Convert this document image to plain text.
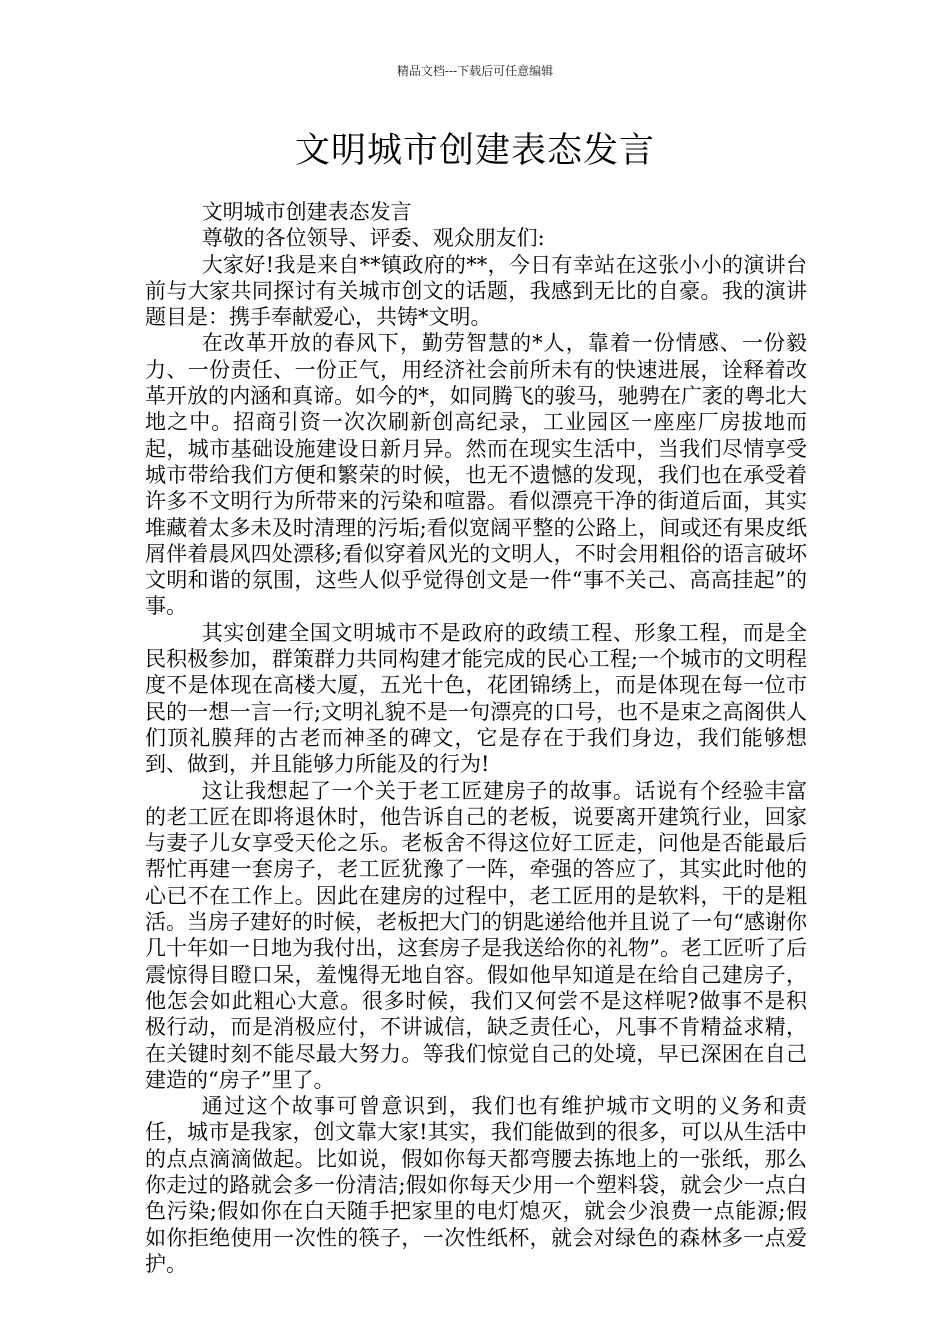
精品文档---下载后可任意编辑
文明城市创建表态发言

文明城市创建表态发言

尊敬的各位领导、评委、观众朋友们:

大家好!我是来自**镇政府的**，今日有幸站在这张小小的演讲台前与大家共同探讨有关城市创文的话题，我感到无比的自豪。我的演讲题目是：携手奉献爱心，共铸*文明。

在改革开放的春风下，勤劳智慧的*人，靠着一份情感、一份毅力、一份责任、一份正气，用经济社会前所未有的快速进展，诠释着改革开放的内涵和真谛。如今的*，如同腾飞的骏马，驰骋在广袤的粤北大地之中。招商引资一次次刷新创高纪录，工业园区一座座厂房拔地而起，城市基础设施建设日新月异。然而在现实生活中，当我们尽情享受城市带给我们方便和繁荣的时候，也无不遗憾的发现，我们也在承受着许多不文明行为所带来的污染和喧嚣。看似漂亮干净的街道后面，其实堆藏着太多未及时清理的污垢;看似宽阔平整的公路上，间或还有果皮纸屑伴着晨风四处漂移;看似穿着风光的文明人，不时会用粗俗的语言破坏文明和谐的氛围，这些人似乎觉得创文是一件“事不关己、高高挂起”的事。

其实创建全国文明城市不是政府的政绩工程、形象工程，而是全民积极参加，群策群力共同构建才能完成的民心工程;一个城市的文明程度不是体现在高楼大厦，五光十色，花团锦绣上，而是体现在每一位市民的一想一言一行;文明礼貌不是一句漂亮的口号，也不是束之高阁供人们顶礼膜拜的古老而神圣的碑文，它是存在于我们身边，我们能够想到、做到，并且能够力所能及的行为!

这让我想起了一个关于老工匠建房子的故事。话说有个经验丰富的老工匠在即将退休时，他告诉自己的老板，说要离开建筑行业，回家与妻子儿女享受天伦之乐。老板舍不得这位好工匠走，问他是否能最后帮忙再建一套房子，老工匠犹豫了一阵，牵强的答应了，其实此时他的心已不在工作上。因此在建房的过程中，老工匠用的是软料，干的是粗活。当房子建好的时候，老板把大门的钥匙递给他并且说了一句“感谢你几十年如一日地为我付出，这套房子是我送给你的礼物”。老工匠听了后震惊得目瞪口呆，羞愧得无地自容。假如他早知道是在给自己建房子，他怎会如此粗心大意。很多时候，我们又何尝不是这样呢?做事不是积极行动，而是消极应付，不讲诚信，缺乏责任心，凡事不肯精益求精，在关键时刻不能尽最大努力。等我们惊觉自己的处境，早已深困在自己建造的“房子”里了。

通过这个故事可曾意识到，我们也有维护城市文明的义务和责任，城市是我家，创文靠大家!其实，我们能做到的很多，可以从生活中的点点滴滴做起。比如说，假如你每天都弯腰去拣地上的一张纸，那么你走过的路就会多一份清洁;假如你每天少用一个塑料袋，就会少一点白色污染;假如你在白天随手把家里的电灯熄灭，就会少浪费一点能源;假如你拒绝使用一次性的筷子，一次性纸杯，就会对绿色的森林多一点爱护。
